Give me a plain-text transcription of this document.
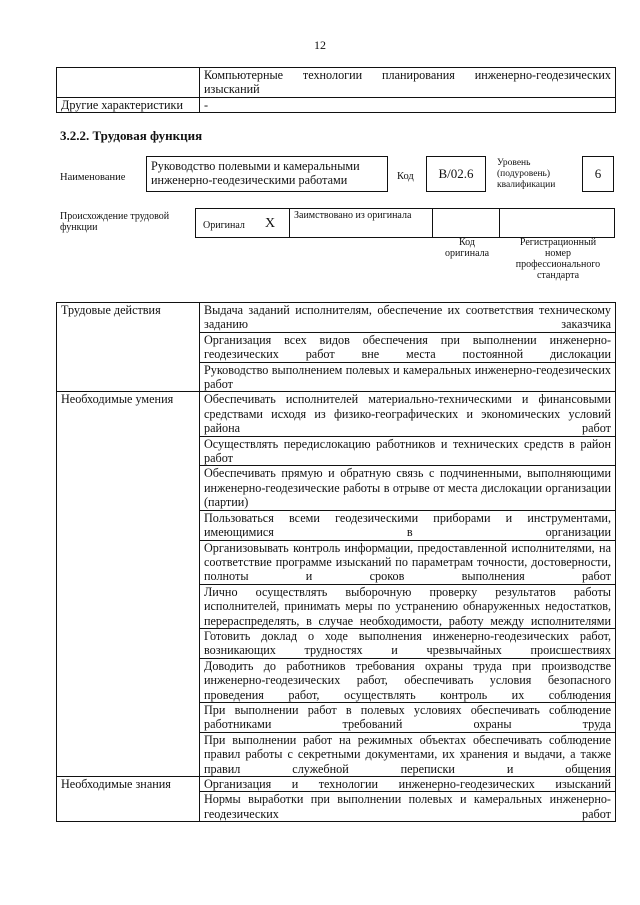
12

	Компьютерные технологии планирования инженерно-геодезических изысканий

Другие характеристики	-
3.2.2. Трудовая функция
Наименование
Руководство полевыми и камеральными инженерно-геодезическими работами	Код	B/02.6
Уровень (подуровень) квалификации
6
Происхождение трудовой функции	Оригинал X
Заимствовано из оригинала
Код оригинала
Регистрационный номер профессионального стандарта
Трудовые действия	Выдача заданий исполнителям, обеспечение их соответствия техническому заданию заказчика

	Организация всех видов обеспечения при выполнении инженерно-геодезических работ вне места постоянной дислокации

	Руководство выполнением полевых и камеральных инженерно-геодезических работ

Необходимые умения	Обеспечивать исполнителей материально-техническими и финансовыми средствами исходя из физико-географических и экономических условий района работ

	Осуществлять передислокацию работников и технических средств в район работ

	Обеспечивать прямую и обратную связь с подчиненными, выполняющими инженерно-геодезические работы в отрыве от места дислокации организации (партии)

	Пользоваться всеми геодезическими приборами и инструментами, имеющимися в организации

	Организовывать контроль информации, предоставленной исполнителями, на соответствие программе изысканий по параметрам точности, достоверности, полноты и сроков выполнения работ

	Лично осуществлять выборочную проверку результатов работы исполнителей, принимать меры по устранению обнаруженных недостатков, перераспределять, в случае необходимости, работу между исполнителями

	Готовить доклад о ходе выполнения инженерно-геодезических работ, возникающих трудностях и чрезвычайных происшествиях

	Доводить до работников требования охраны труда при производстве инженерно-геодезических работ, обеспечивать условия безопасного проведения работ, осуществлять контроль их соблюдения

	При выполнении работ в полевых условиях обеспечивать соблюдение работниками требований охраны труда

	При выполнении работ на режимных объектах обеспечивать соблюдение правил работы с секретными документами, их хранения и выдачи, а также правил служебной переписки и общения

Необходимые знания	Организация и технологии инженерно-геодезических изысканий

	Нормы выработки при выполнении полевых и камеральных инженерно-геодезических работ
